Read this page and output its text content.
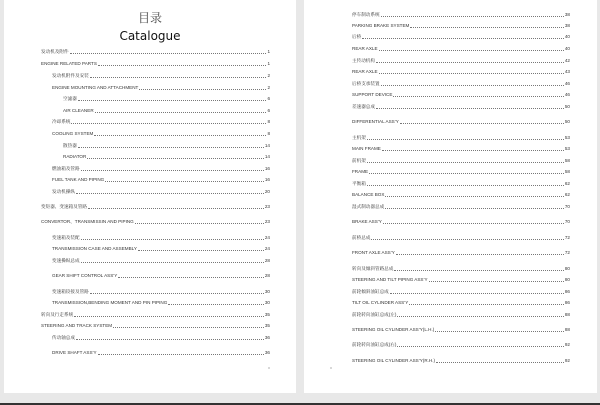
目录
Catalogue
发动机及附件	1
ENGINE RELATED PARTS	1
发动机附件及安装	2
ENGINE MOUNTING AND ATTACHMENT	2
空滤器	6
AIR CLEANER	6
冷却系统	8
COOLING SYSTEM	8
散热器	14
RADIATOR	14
燃油箱及管路	16
FUEL TANK AND PIPING	16
发动机操纵	20
变矩器、变速箱及管路	23
CONVERTOR、TRANSMISSIN AND PIPING	23
变速箱及装配	24
TRANSMISSION CASE AND ASSEMBLY	24
变速操纵总成	28
GEAR SHIFT CONTROL ASS’Y	28
变速箱铰接及管路	30
TRANSMISSION,BENDING MOMENT AND PIN PIPING	30
转向及行走系统	35
STEERING AND TRACK SYSTEM	35
传动轴总成	36
DRIVE SHAFT ASS’Y	36
停车制动系统	38
PARKING BRAKE SYSTEM	38
后桥	40
REAR AXLE	40
主传动机构	42
REAR AXLE	43
后桥支承装置	46
SUPPORT DEVICE	46
差速器总成	50
DIFFERENTIAL ASS’Y	50
主机架	53
MAIN FRAME	53
前机架	58
FRAME	58
平衡箱	62
BALANCE BOX	62
湿式制动器总成	70
BRAKE ASS’Y	70
前桥总成	72
FRONT AXLE ASS’Y	72
转向及倾斜管路总成	80
STEERING AND TILT PIPING ASS’Y	80
前轮倾斜油缸总成	86
TILT OIL CYLINDER ASS’Y	86
前轮转向油缸总成(左)	88
STEERING OIL CYLINDER ASS’Y(L.H.)	88
前轮转向油缸总成(右)	92
STEERING OIL CYLINDER ASS’Y(R.H.)	92
